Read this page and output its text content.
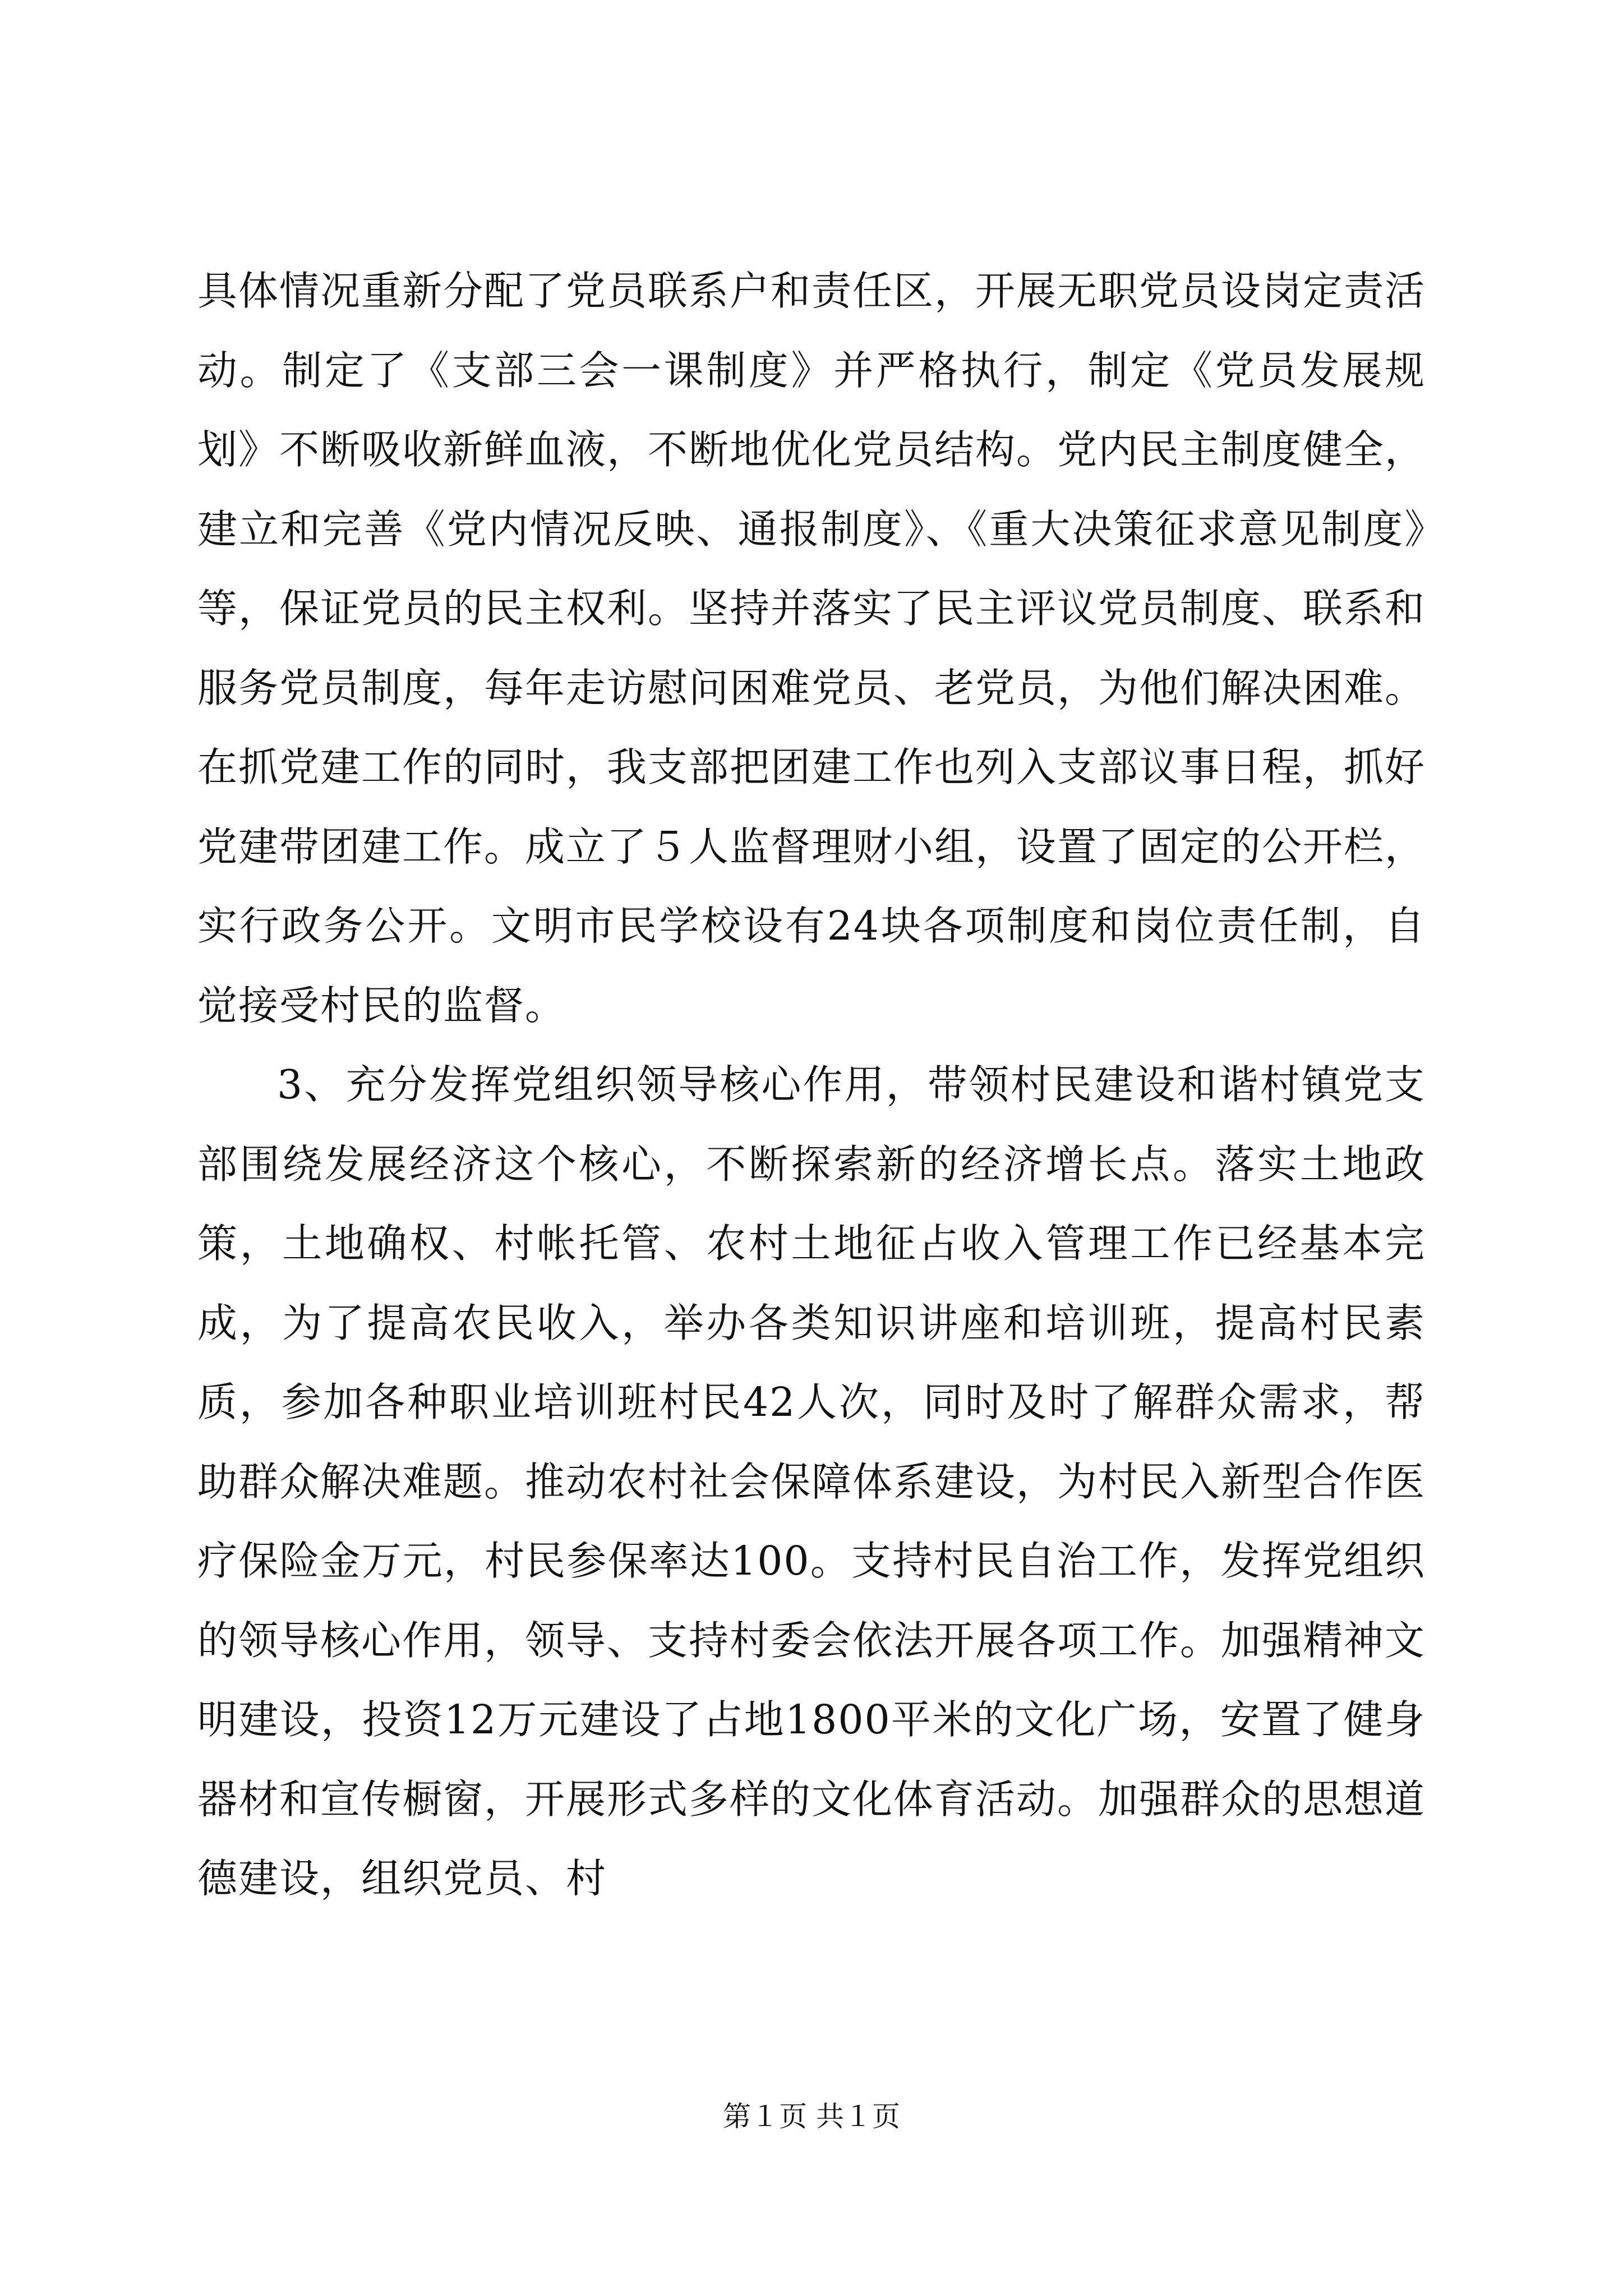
具体情况重新分配了党员联系户和责任区，开展无职党员设岗定责活动。制定了《支部三会一课制度》并严格执行，制定《党员发展规划》不断吸收新鲜血液，不断地优化党员结构。党内民主制度健全，建立和完善《党内情况反映、通报制度》、《重大决策征求意见制度》等，保证党员的民主权利。坚持并落实了民主评议党员制度、联系和服务党员制度，每年走访慰问困难党员、老党员，为他们解决困难。在抓党建工作的同时，我支部把团建工作也列入支部议事日程，抓好党建带团建工作。成立了５人监督理财小组，设置了固定的公开栏，实行政务公开。文明市民学校设有24块各项制度和岗位责任制，自觉接受村民的监督。

3、充分发挥党组织领导核心作用，带领村民建设和谐村镇党支部围绕发展经济这个核心，不断探索新的经济增长点。落实土地政策，土地确权、村帐托管、农村土地征占收入管理工作已经基本完成，为了提高农民收入，举办各类知识讲座和培训班，提高村民素质，参加各种职业培训班村民42人次，同时及时了解群众需求，帮助群众解决难题。推动农村社会保障体系建设，为村民入新型合作医疗保险金万元，村民参保率达100。支持村民自治工作，发挥党组织的领导核心作用，领导、支持村委会依法开展各项工作。加强精神文明建设，投资12万元建设了占地1800平米的文化广场，安置了健身器材和宣传橱窗，开展形式多样的文化体育活动。加强群众的思想道德建设，组织党员、村

第１页 共１页
